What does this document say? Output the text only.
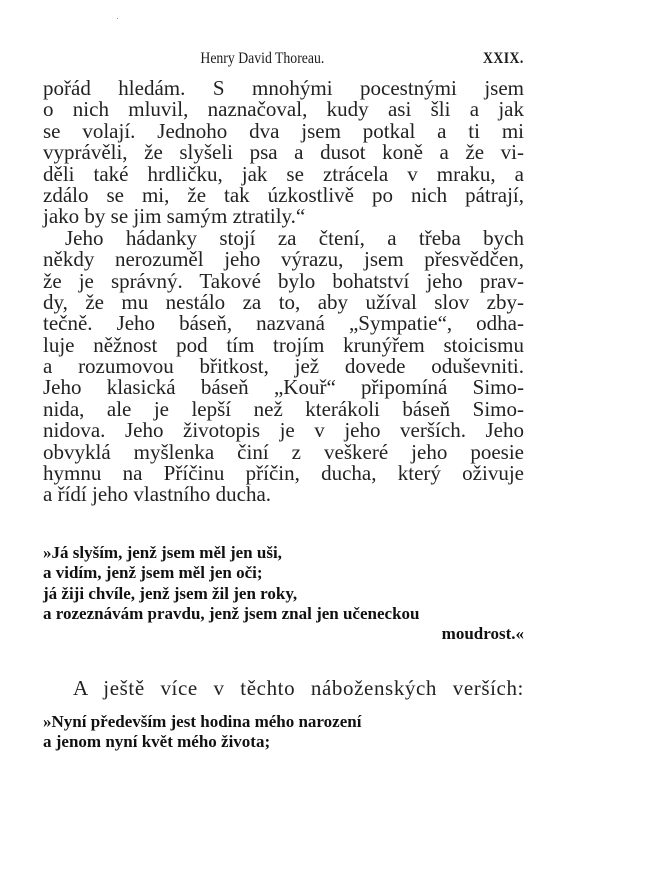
Henry David Thoreau.	XXIX.
pořád hledám. S mnohými pocestnými jsem
o nich mluvil, naznačoval, kudy asi šli a jak
se volají. Jednoho dva jsem potkal a ti mi
vyprávěli, že slyšeli psa a dusot koně a že vi-
děli také hrdličku, jak se ztrácela v mraku, a
zdálo se mi, že tak úzkostlivě po nich pátrají,
jako by se jim samým ztratily.“
Jeho hádanky stojí za čtení, a třeba bych
někdy nerozuměl jeho výrazu, jsem přesvědčen,
že je správný. Takové bylo bohatství jeho prav-
dy, že mu nestálo za to, aby užíval slov zby-
tečně. Jeho báseň, nazvaná „Sympatie“, odha-
luje něžnost pod tím trojím krunýřem stoicismu
a rozumovou břitkost, jež dovede oduševniti.
Jeho klasická báseň „Kouř“ připomíná Simo-
nida, ale je lepší než kterákoli báseň Simo-
nidova. Jeho životopis je v jeho verších. Jeho
obvyklá myšlenka činí z veškeré jeho poesie
hymnu na Příčinu příčin, ducha, který oživuje
a řídí jeho vlastního ducha.
»Já slyším, jenž jsem měl jen uši,
a vidím, jenž jsem měl jen oči;
já žiji chvíle, jenž jsem žil jen roky,
a rozeznávám pravdu, jenž jsem znal jen učeneckou
moudrost.«
A ještě více v těchto náboženských verších:
»Nyní především jest hodina mého narození
a jenom nyní květ mého života;
